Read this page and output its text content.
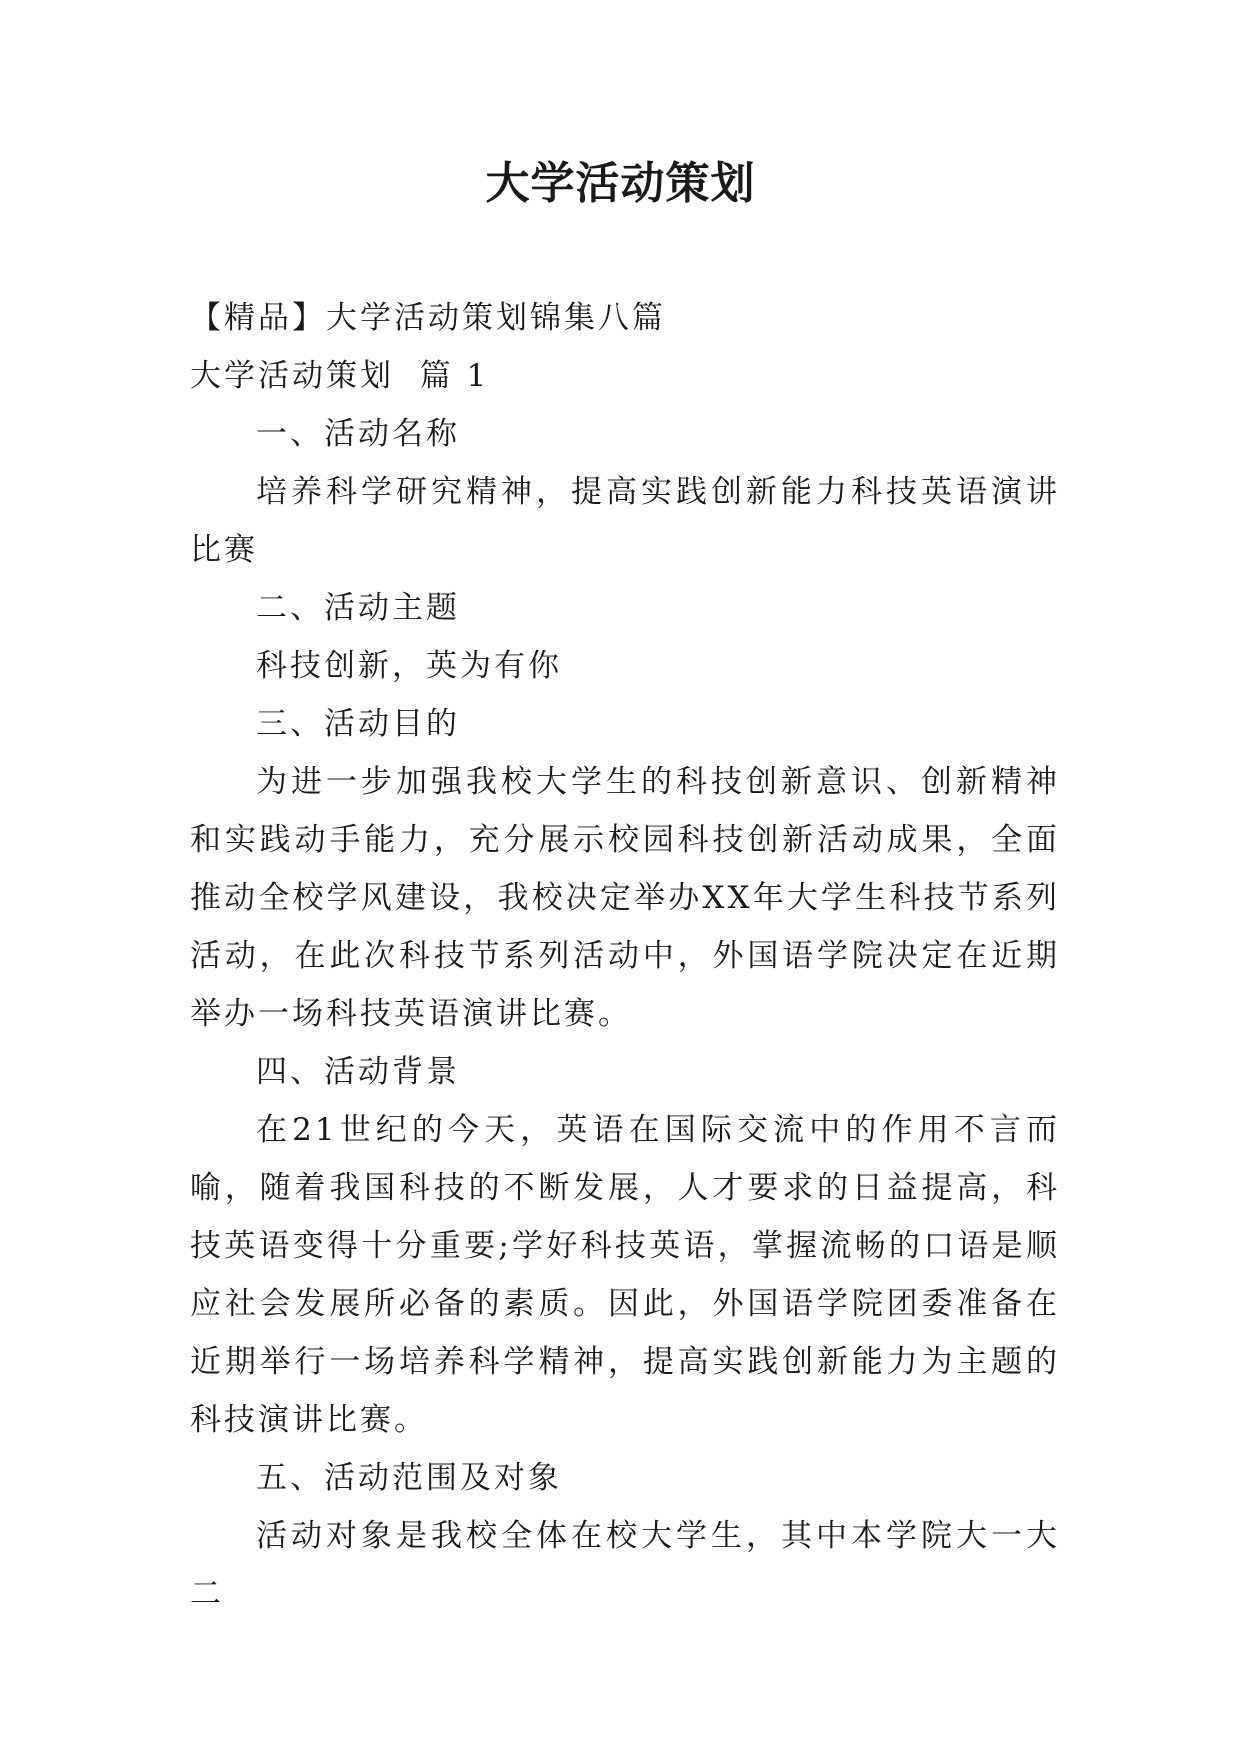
大学活动策划

【精品】大学活动策划锦集八篇

大学活动策划  篇 1

一、活动名称

培养科学研究精神，提高实践创新能力科技英语演讲比赛

二、活动主题

科技创新，英为有你

三、活动目的

为进一步加强我校大学生的科技创新意识、创新精神和实践动手能力，充分展示校园科技创新活动成果，全面推动全校学风建设，我校决定举办XX年大学生科技节系列活动，在此次科技节系列活动中，外国语学院决定在近期举办一场科技英语演讲比赛。

四、活动背景

在21世纪的今天，英语在国际交流中的作用不言而喻，随着我国科技的不断发展，人才要求的日益提高，科技英语变得十分重要;学好科技英语，掌握流畅的口语是顺应社会发展所必备的素质。因此，外国语学院团委准备在近期举行一场培养科学精神，提高实践创新能力为主题的科技演讲比赛。

五、活动范围及对象

活动对象是我校全体在校大学生，其中本学院大一大二
